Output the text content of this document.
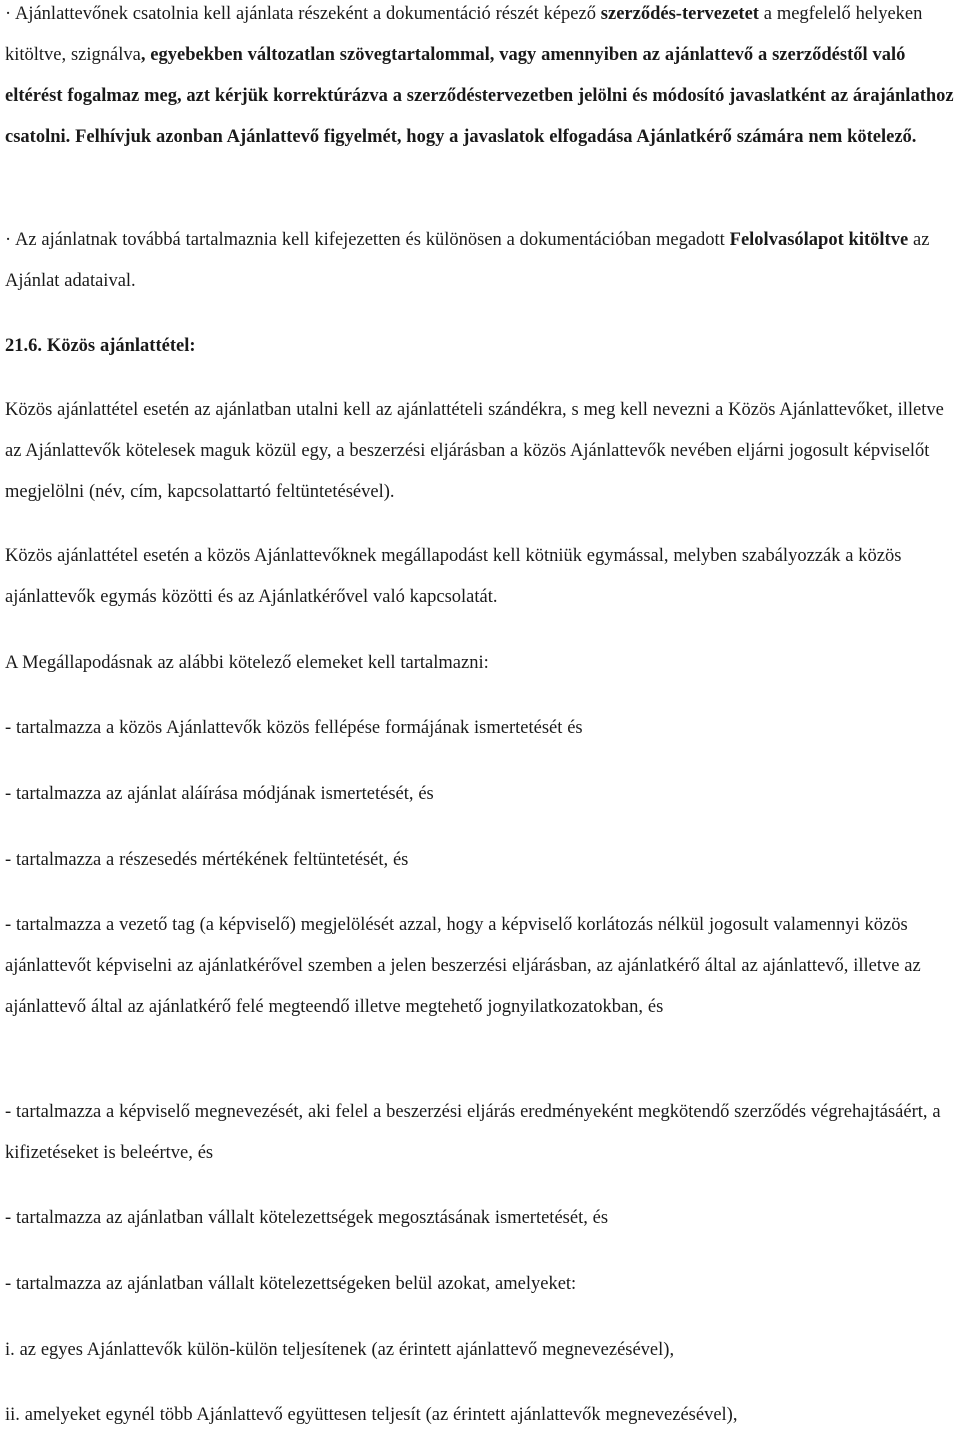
· Ajánlattevőnek csatolnia kell ajánlata részeként a dokumentáció részét képező szerződés-tervezetet a megfelelő helyeken kitöltve, szignálva, egyebekben változatlan szövegtartalommal, vagy amennyiben az ajánlattevő a szerződéstől való eltérést fogalmaz meg, azt kérjük korrektúrázva a szerződéstervezetben jelölni és módosító javaslatként az árajánlathoz csatolni. Felhívjuk azonban Ajánlattevő figyelmét, hogy a javaslatok elfogadása Ajánlatkérő számára nem kötelező.

· Az ajánlatnak továbbá tartalmaznia kell kifejezetten és különösen a dokumentációban megadott Felolvasólapot kitöltve az Ajánlat adataival.

21.6. Közös ajánlattétel:

Közös ajánlattétel esetén az ajánlatban utalni kell az ajánlattételi szándékra, s meg kell nevezni a Közös Ajánlattevőket, illetve az Ajánlattevők kötelesek maguk közül egy, a beszerzési eljárásban a közös Ajánlattevők nevében eljárni jogosult képviselőt megjelölni (név, cím, kapcsolattartó feltüntetésével).

Közös ajánlattétel esetén a közös Ajánlattevőknek megállapodást kell kötniük egymással, melyben szabályozzák a közös ajánlattevők egymás közötti és az Ajánlatkérővel való kapcsolatát.

A Megállapodásnak az alábbi kötelező elemeket kell tartalmazni:

- tartalmazza a közös Ajánlattevők közös fellépése formájának ismertetését és

- tartalmazza az ajánlat aláírása módjának ismertetését, és

- tartalmazza a részesedés mértékének feltüntetését, és

- tartalmazza a vezető tag (a képviselő) megjelölését azzal, hogy a képviselő korlátozás nélkül jogosult valamennyi közös ajánlattevőt képviselni az ajánlatkérővel szemben a jelen beszerzési eljárásban, az ajánlatkérő által az ajánlattevő, illetve az ajánlattevő által az ajánlatkérő felé megteendő illetve megtehető jognyilatkozatokban, és

- tartalmazza a képviselő megnevezését, aki felel a beszerzési eljárás eredményeként megkötendő szerződés végrehajtásáért, a kifizetéseket is beleértve, és

- tartalmazza az ajánlatban vállalt kötelezettségek megosztásának ismertetését, és

- tartalmazza az ajánlatban vállalt kötelezettségeken belül azokat, amelyeket:

i. az egyes Ajánlattevők külön-külön teljesítenek (az érintett ajánlattevő megnevezésével),

ii. amelyeket egynél több Ajánlattevő együttesen teljesít (az érintett ajánlattevők megnevezésével),
